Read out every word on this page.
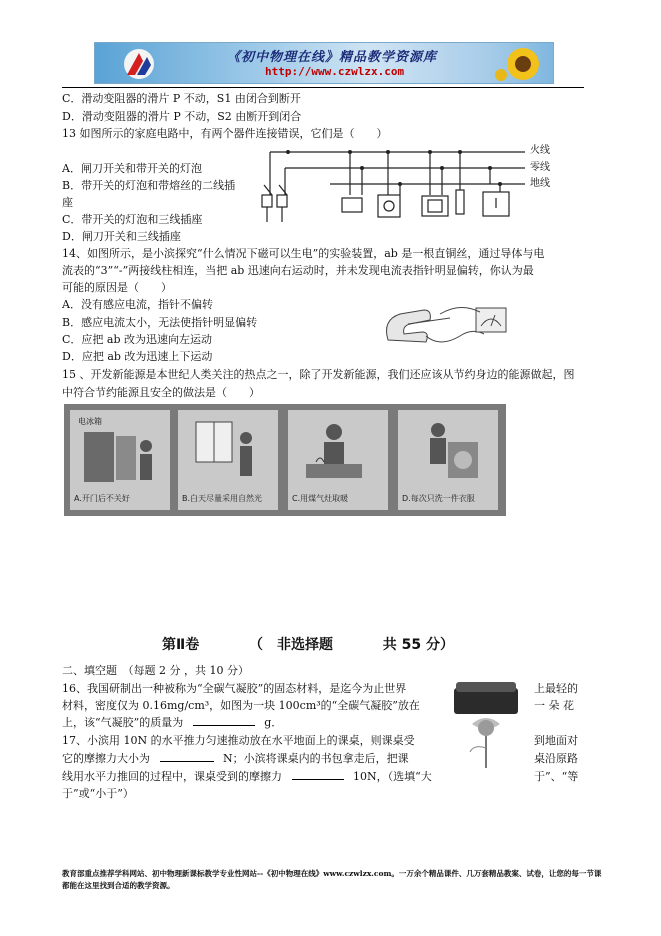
《初中物理在线》精品教学资源库
http://www.czwlzx.com
C．滑动变阻器的滑片 P 不动，S1 由闭合到断开
D．滑动变阻器的滑片 P 不动，S2 由断开到闭合
13 如图所示的家庭电路中，有两个器件连接错误，它们是（　　）
A．闸刀开关和带开关的灯泡
B．带开关的灯泡和带熔丝的二线插
座
C．带开关的灯泡和三线插座
D．闸刀开关和三线插座
火线
零线
地线
14、如图所示，是小滨探究“什么情况下磁可以生电”的实验装置，ab 是一根直铜丝，通过导体与电
流表的“3”“-”两接线柱相连，当把 ab 迅速向右运动时，并未发现电流表指针明显偏转，你认为最
可能的原因是（　　）
A．没有感应电流，指针不偏转
B．感应电流太小，无法使指针明显偏转
C．应把 ab 改为迅速向左运动
D．应把 ab 改为迅速上下运动
15 、开发新能源是本世纪人类关注的热点之一，除了开发新能源，我们还应该从节约身边的能源做起，图
中符合节约能源且安全的做法是（　　）
电冰箱
A.开门后不关好	B.白天尽量采用自然光	C.用煤气灶取暖	D.每次只洗一件衣服
第Ⅱ卷	（　非选择题	共 55 分）
二、填空题　（每题 2 分 ，共 10 分）
16、我国研制出一种被称为“全碳气凝胶”的固态材料，是迄今为止世界	上最轻的
材料，密度仅为 0.16mg/cm³，如图为一块 100cm³的“全碳气凝胶”放在	一 朵 花
上，该“气凝胶”的质量为	g．
17、小滨用 10N 的水平推力匀速推动放在水平地面上的课桌，则课桌受	到地面对
它的摩擦力大小为	N；小滨将课桌内的书包拿走后，把课	桌沿原路
线用水平力推回的过程中，课桌受到的摩擦力	10N，（选填“大	于”、“等
于”或“小于”）
教育部重点推荐学科网站、初中物理新课标教学专业性网站--《初中物理在线》www.czwlzx.com。一万余个精品课件、几万套精品教案、试卷，让您的每一节课都能在这里找到合适的教学资源。
